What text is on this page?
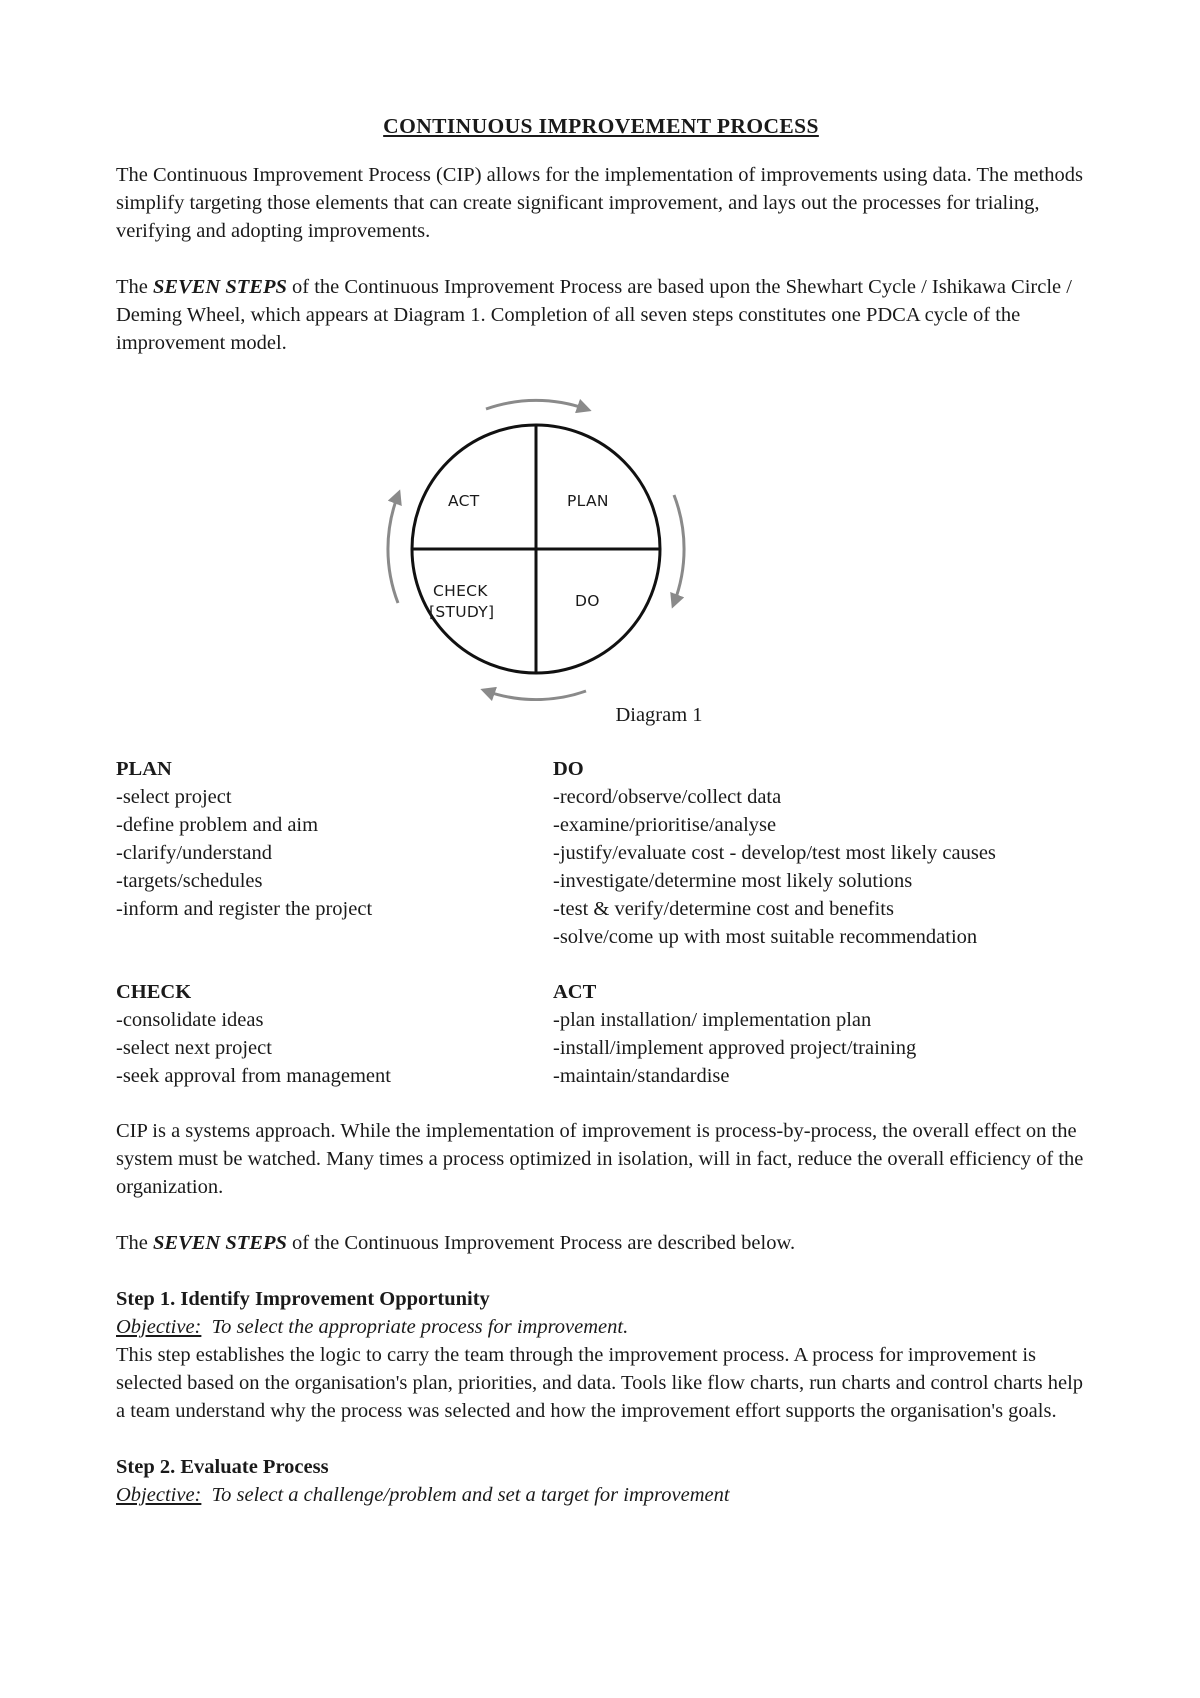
CONTINUOUS IMPROVEMENT PROCESS

The Continuous Improvement Process (CIP) allows for the implementation of improvements using data. The methods simplify targeting those elements that can create significant improvement, and lays out the processes for trialing, verifying and adopting improvements.

The SEVEN STEPS of the Continuous Improvement Process are based upon the Shewhart Cycle / Ishikawa Circle / Deming Wheel, which appears at Diagram 1. Completion of all seven steps constitutes one PDCA cycle of the improvement model.

ACT	PLAN
CHECK
[STUDY]
DO

Diagram 1

PLAN
-select project
-define problem and aim
-clarify/understand
-targets/schedules
-inform and register the project
DO
-record/observe/collect data
-examine/prioritise/analyse
-justify/evaluate cost - develop/test most likely causes
-investigate/determine most likely solutions
-test & verify/determine cost and benefits
-solve/come up with most suitable recommendation
CHECK
-consolidate ideas
-select next project
-seek approval from management
ACT
-plan installation/ implementation plan
-install/implement approved project/training
-maintain/standardise

CIP is a systems approach. While the implementation of improvement is process-by-process, the overall effect on the system must be watched. Many times a process optimized in isolation, will in fact, reduce the overall efficiency of the organization.

The SEVEN STEPS of the Continuous Improvement Process are described below.

Step 1. Identify Improvement Opportunity
Objective:  To select the appropriate process for improvement.
This step establishes the logic to carry the team through the improvement process. A process for improvement is selected based on the organisation's plan, priorities, and data. Tools like flow charts, run charts and control charts help a team understand why the process was selected and how the improvement effort supports the organisation's goals.
Step 2. Evaluate Process
Objective:  To select a challenge/problem and set a target for improvement
